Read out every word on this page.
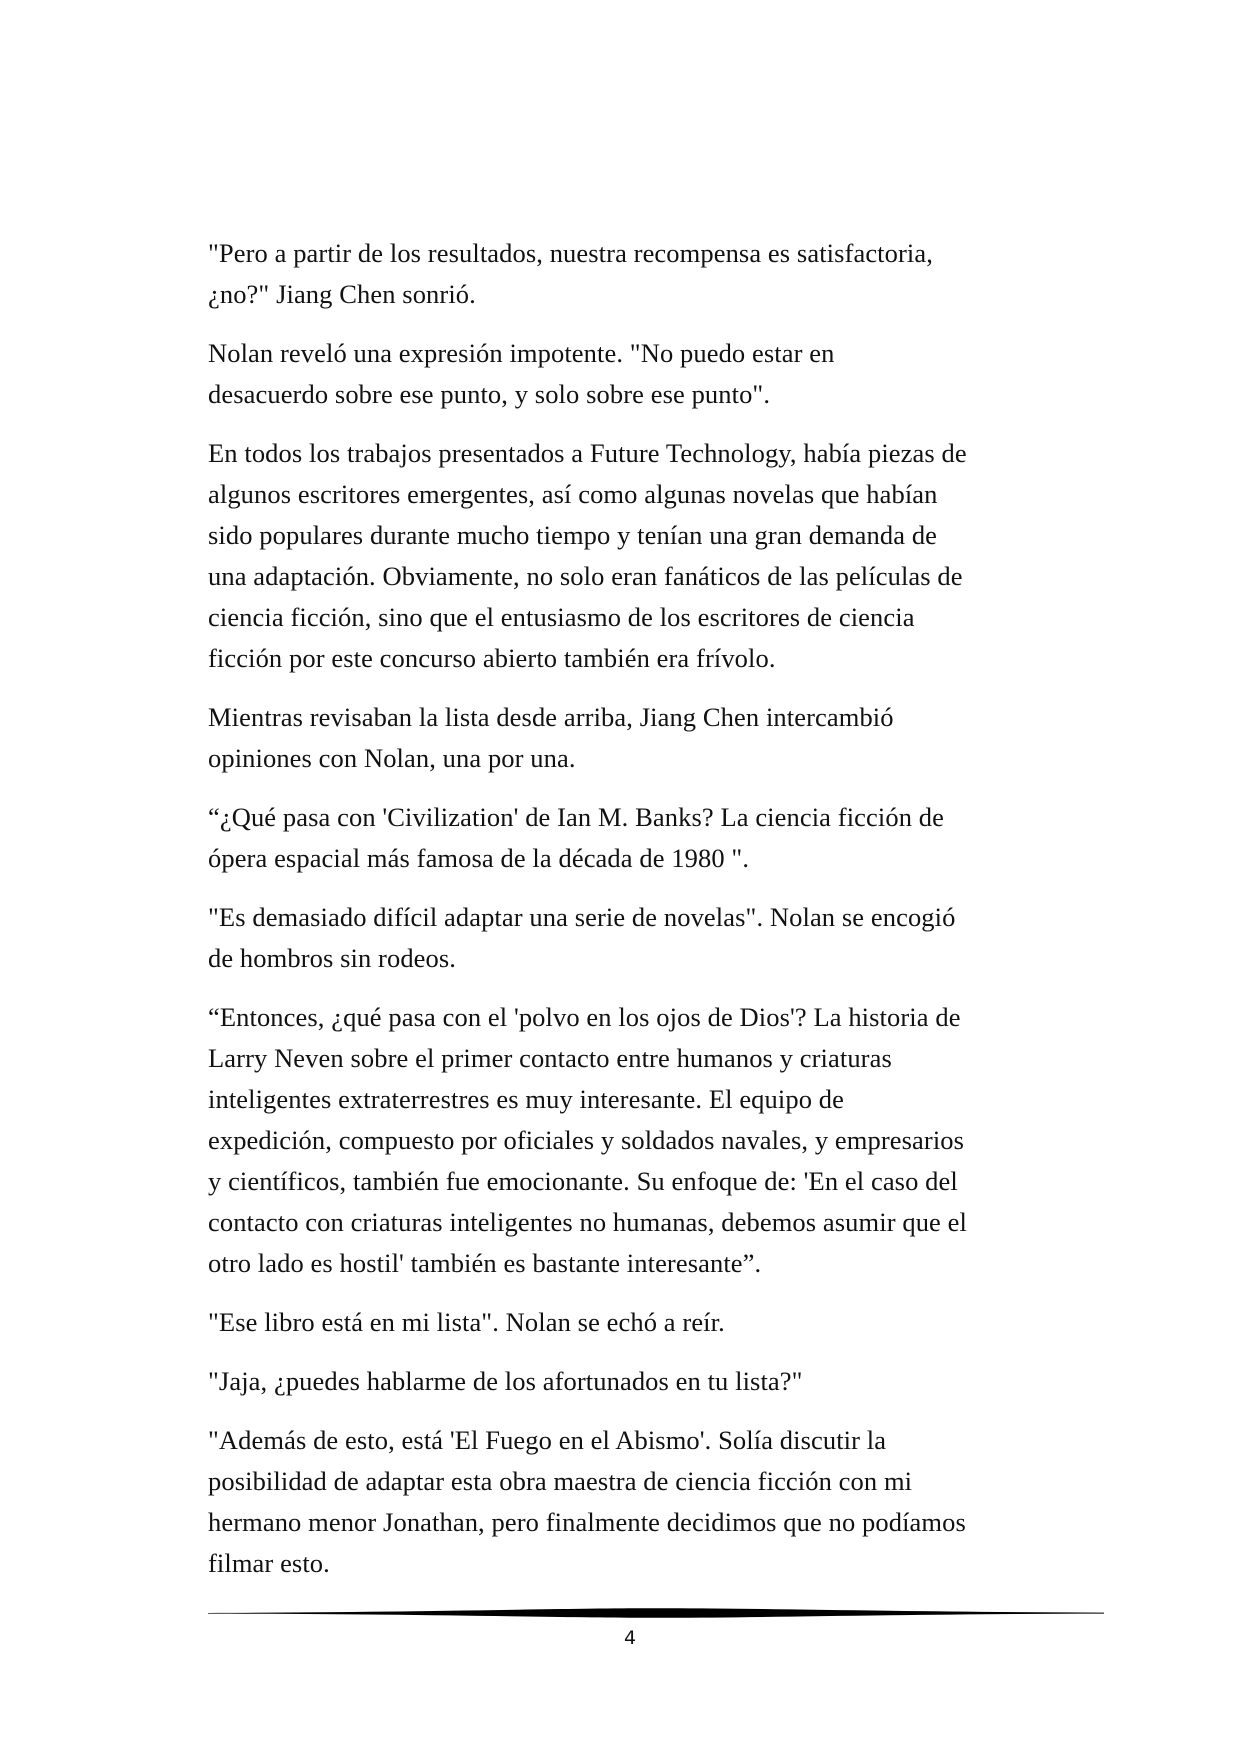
"Pero a partir de los resultados, nuestra recompensa es satisfactoria,
¿no?" Jiang Chen sonrió.

Nolan reveló una expresión impotente. "No puedo estar en
desacuerdo sobre ese punto, y solo sobre ese punto".

En todos los trabajos presentados a Future Technology, había piezas de
algunos escritores emergentes, así como algunas novelas que habían
sido populares durante mucho tiempo y tenían una gran demanda de
una adaptación. Obviamente, no solo eran fanáticos de las películas de
ciencia ficción, sino que el entusiasmo de los escritores de ciencia
ficción por este concurso abierto también era frívolo.

Mientras revisaban la lista desde arriba, Jiang Chen intercambió
opiniones con Nolan, una por una.

“¿Qué pasa con 'Civilization' de Ian M. Banks? La ciencia ficción de
ópera espacial más famosa de la década de 1980 ".

"Es demasiado difícil adaptar una serie de novelas". Nolan se encogió
de hombros sin rodeos.

“Entonces, ¿qué pasa con el 'polvo en los ojos de Dios'? La historia de
Larry Neven sobre el primer contacto entre humanos y criaturas
inteligentes extraterrestres es muy interesante. El equipo de
expedición, compuesto por oficiales y soldados navales, y empresarios
y científicos, también fue emocionante. Su enfoque de: 'En el caso del
contacto con criaturas inteligentes no humanas, debemos asumir que el
otro lado es hostil' también es bastante interesante”.

"Ese libro está en mi lista". Nolan se echó a reír.

"Jaja, ¿puedes hablarme de los afortunados en tu lista?"

"Además de esto, está 'El Fuego en el Abismo'. Solía discutir la
posibilidad de adaptar esta obra maestra de ciencia ficción con mi
hermano menor Jonathan, pero finalmente decidimos que no podíamos
filmar esto.

4
